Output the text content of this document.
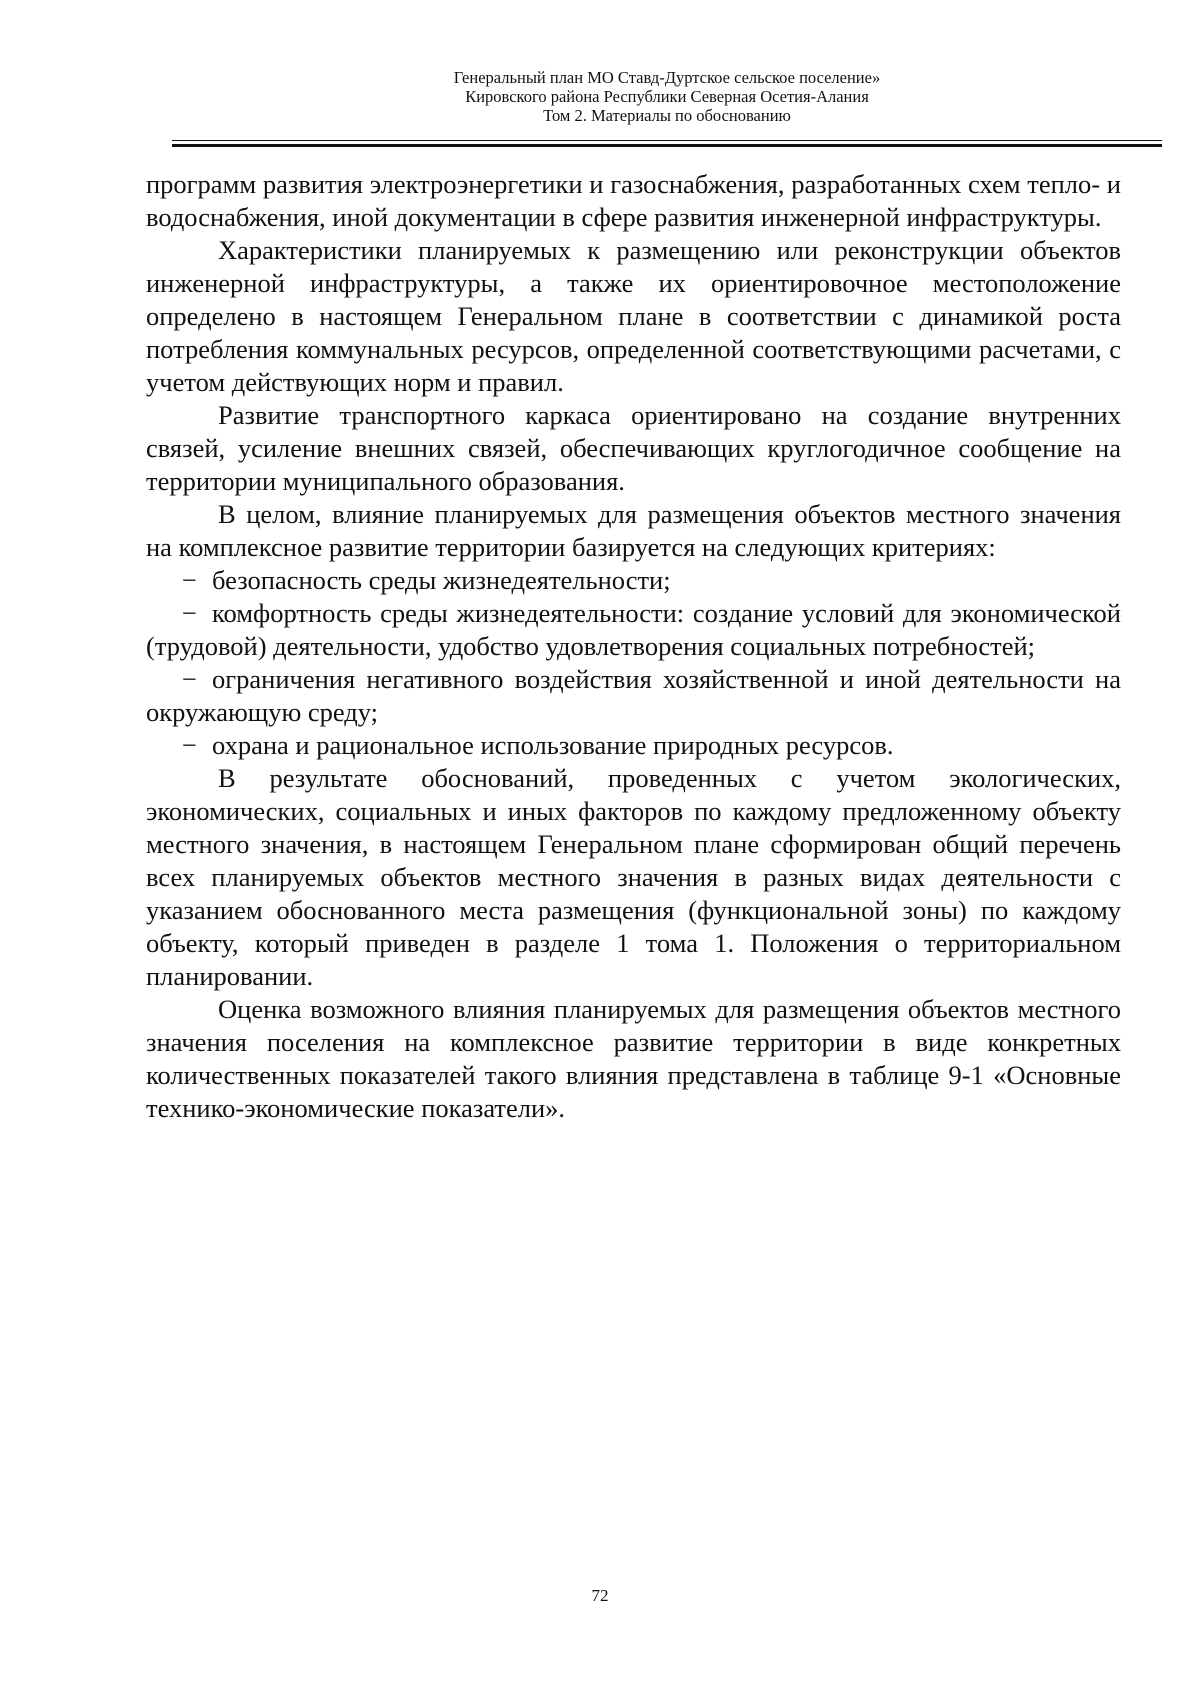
Генеральный план МО Ставд-Дуртское сельское поселение»
Кировского района Республики Северная Осетия-Алания
Том 2. Материалы по обоснованию

программ развития электроэнергетики и газоснабжения, разработанных схем тепло- и водоснабжения, иной документации в сфере развития инженерной инфраструктуры.

Характеристики планируемых к размещению или реконструкции объектов инженерной инфраструктуры, а также их ориентировочное местоположение определено в настоящем Генеральном плане в соответствии с динамикой роста потребления коммунальных ресурсов, определенной соответствующими расчетами, с учетом действующих норм и правил.

Развитие транспортного каркаса ориентировано на создание внутренних связей, усиление внешних связей, обеспечивающих круглогодичное сообщение на территории муниципального образования.

В целом, влияние планируемых для размещения объектов местного значения на комплексное развитие территории базируется на следующих критериях:

− безопасность среды жизнедеятельности;

− комфортность среды жизнедеятельности: создание условий для экономической (трудовой) деятельности, удобство удовлетворения социальных потребностей;

− ограничения негативного воздействия хозяйственной и иной деятельности на окружающую среду;

− охрана и рациональное использование природных ресурсов.

В результате обоснований, проведенных с учетом экологических, экономических, социальных и иных факторов по каждому предложенному объекту местного значения, в настоящем Генеральном плане сформирован общий перечень всех планируемых объектов местного значения в разных видах деятельности с указанием обоснованного места размещения (функциональной зоны) по каждому объекту, который приведен в разделе 1 тома 1. Положения о территориальном планировании.

Оценка возможного влияния планируемых для размещения объектов местного значения поселения на комплексное развитие территории в виде конкретных количественных показателей такого влияния представлена в таблице 9-1 «Основные технико-экономические показатели».

72
